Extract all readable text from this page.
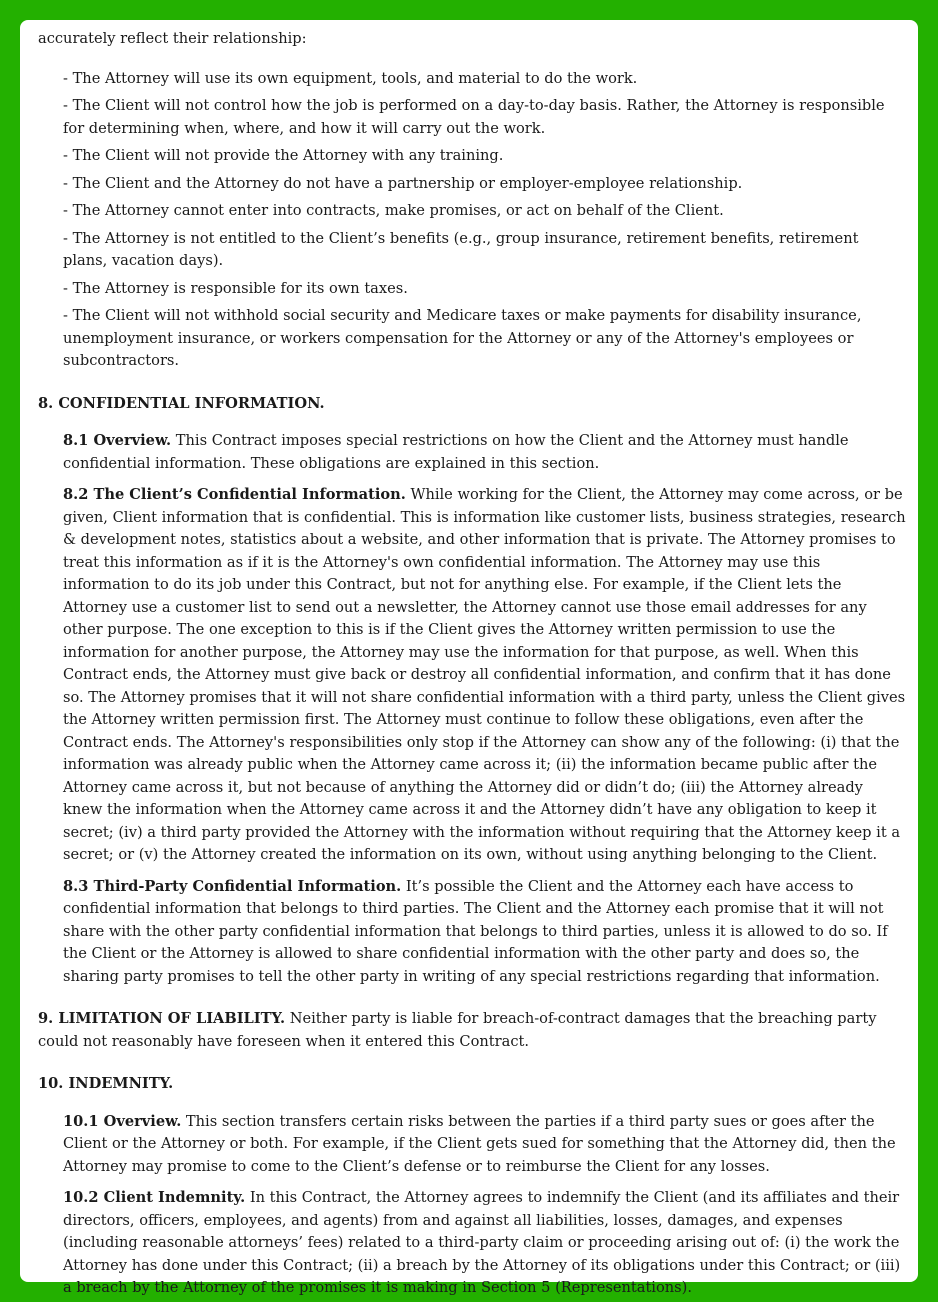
accurately reflect their relationship:

- The Attorney will use its own equipment, tools, and material to do the work.

- The Client will not control how the job is performed on a day-to-day basis. Rather, the Attorney is responsible for determining when, where, and how it will carry out the work.

- The Client will not provide the Attorney with any training.

- The Client and the Attorney do not have a partnership or employer-employee relationship.

- The Attorney cannot enter into contracts, make promises, or act on behalf of the Client.

- The Attorney is not entitled to the Client’s benefits (e.g., group insurance, retirement benefits, retirement plans, vacation days).

- The Attorney is responsible for its own taxes.

- The Client will not withhold social security and Medicare taxes or make payments for disability insurance, unemployment insurance, or workers compensation for the Attorney or any of the Attorney's employees or subcontractors.

8. CONFIDENTIAL INFORMATION.

8.1 Overview. This Contract imposes special restrictions on how the Client and the Attorney must handle confidential information. These obligations are explained in this section.

8.2 The Client’s Confidential Information. While working for the Client, the Attorney may come across, or be given, Client information that is confidential. This is information like customer lists, business strategies, research & development notes, statistics about a website, and other information that is private. The Attorney promises to treat this information as if it is the Attorney's own confidential information. The Attorney may use this information to do its job under this Contract, but not for anything else. For example, if the Client lets the Attorney use a customer list to send out a newsletter, the Attorney cannot use those email addresses for any other purpose. The one exception to this is if the Client gives the Attorney written permission to use the information for another purpose, the Attorney may use the information for that purpose, as well. When this Contract ends, the Attorney must give back or destroy all confidential information, and confirm that it has done so. The Attorney promises that it will not share confidential information with a third party, unless the Client gives the Attorney written permission first. The Attorney must continue to follow these obligations, even after the Contract ends. The Attorney's responsibilities only stop if the Attorney can show any of the following: (i) that the information was already public when the Attorney came across it; (ii) the information became public after the Attorney came across it, but not because of anything the Attorney did or didn’t do; (iii) the Attorney already knew the information when the Attorney came across it and the Attorney didn’t have any obligation to keep it secret; (iv) a third party provided the Attorney with the information without requiring that the Attorney keep it a secret; or (v) the Attorney created the information on its own, without using anything belonging to the Client.

8.3 Third-Party Confidential Information. It’s possible the Client and the Attorney each have access to confidential information that belongs to third parties. The Client and the Attorney each promise that it will not share with the other party confidential information that belongs to third parties, unless it is allowed to do so. If the Client or the Attorney is allowed to share confidential information with the other party and does so, the sharing party promises to tell the other party in writing of any special restrictions regarding that information.

9. LIMITATION OF LIABILITY. Neither party is liable for breach-of-contract damages that the breaching party could not reasonably have foreseen when it entered this Contract.

10. INDEMNITY.

10.1 Overview. This section transfers certain risks between the parties if a third party sues or goes after the Client or the Attorney or both. For example, if the Client gets sued for something that the Attorney did, then the Attorney may promise to come to the Client’s defense or to reimburse the Client for any losses.

10.2 Client Indemnity. In this Contract, the Attorney agrees to indemnify the Client (and its affiliates and their directors, officers, employees, and agents) from and against all liabilities, losses, damages, and expenses (including reasonable attorneys’ fees) related to a third-party claim or proceeding arising out of: (i) the work the Attorney has done under this Contract; (ii) a breach by the Attorney of its obligations under this Contract; or (iii) a breach by the Attorney of the promises it is making in Section 5 (Representations).
